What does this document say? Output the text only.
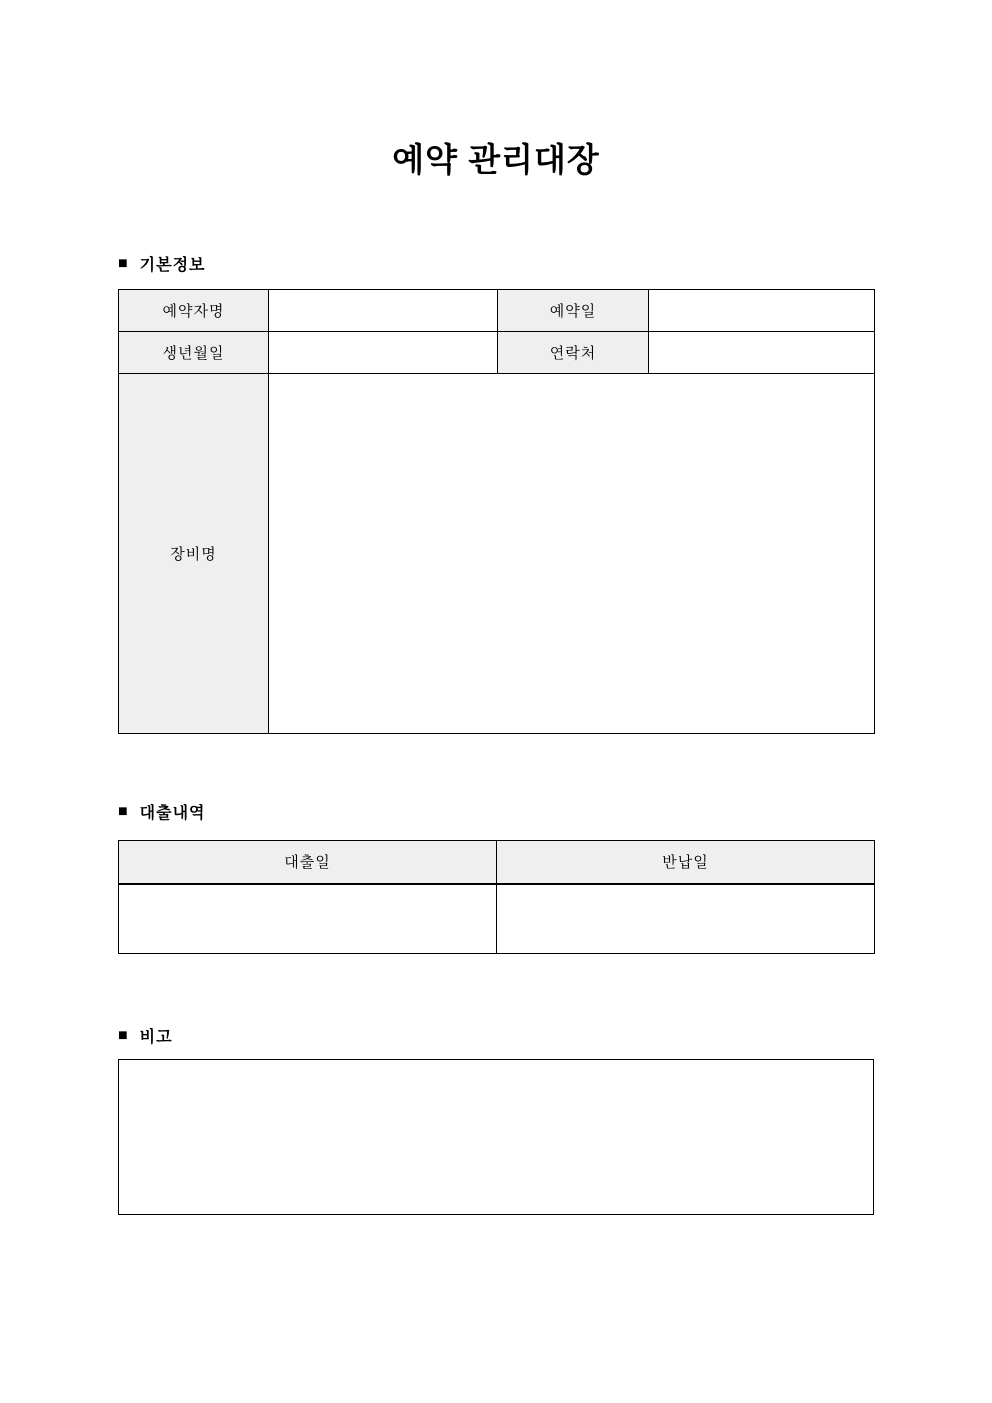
예약 관리대장
■ 기본정보
예약자명		예약일	
생년월일		연락처	
장비명			
■ 대출내역
대출일	반납일

■ 비고
